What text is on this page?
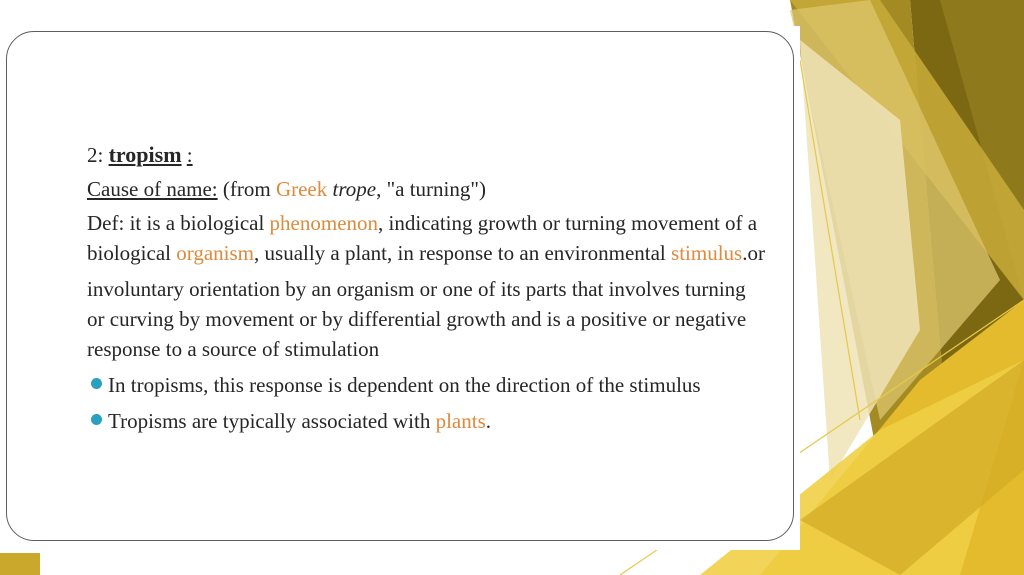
2: tropism :

Cause of name: (from Greek trope, "a turning")

Def: it is a biological phenomenon, indicating growth or turning movement of a biological organism, usually a plant, in response to an environmental stimulus.or

involuntary orientation by an organism or one of its parts that involves turning or curving by movement or by differential growth and is a positive or negative response to a source of stimulation

In tropisms, this response is dependent on the direction of the stimulus

Tropisms are typically associated with plants.
